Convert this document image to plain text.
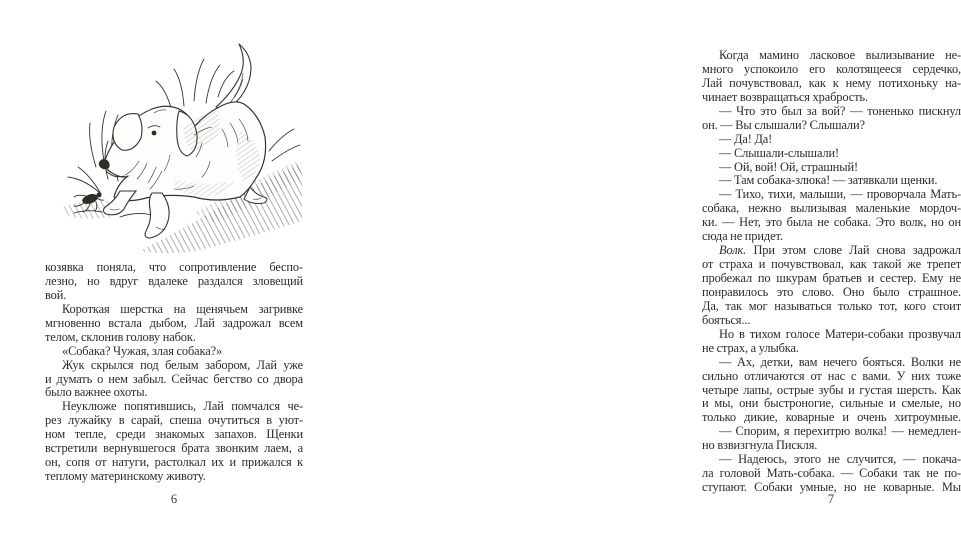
козявка поняла, что сопротивление беспо-
лезно, но вдруг вдалеке раздался зловещий
вой.
Короткая шерстка на щенячьем загривке
мгновенно встала дыбом, Лай задрожал всем
телом, склонив голову набок.
«Собака? Чужая, злая собака?»
Жук скрылся под белым забором, Лай уже
и думать о нем забыл. Сейчас бегство со двора
было важнее охоты.
Неуклюже попятившись, Лай помчался че-
рез лужайку в сарай, спеша очутиться в уют-
ном тепле, среди знакомых запахов. Щенки
встретили вернувшегося брата звонким лаем, а
он, сопя от натуги, растолкал их и прижался к
теплому материнскому животу.
6
Когда мамино ласковое вылизывание не-
много успокоило его колотящееся сердечко,
Лай почувствовал, как к нему потихоньку на-
чинает возвращаться храбрость.
— Что это был за вой? — тоненько пискнул
он. — Вы слышали? Слышали?
— Да! Да!
— Слышали-слышали!
— Ой, вой! Ой, страшный!
— Там собака-злюка! — затявкали щенки.
— Тихо, тихи, малыши, — проворчала Мать-
собака, нежно вылизывая маленькие мордоч-
ки. — Нет, это была не собака. Это волк, но он
сюда не придет.
Волк. При этом слове Лай снова задрожал
от страха и почувствовал, как такой же трепет
пробежал по шкурам братьев и сестер. Ему не
понравилось это слово. Оно было страшное.
Да, так мог называться только тот, кого стоит
бояться...
Но в тихом голосе Матери-собаки прозвучал
не страх, а улыбка.
— Ах, детки, вам нечего бояться. Волки не
сильно отличаются от нас с вами. У них тоже
четыре лапы, острые зубы и густая шерсть. Как
и мы, они быстроногие, сильные и смелые, но
только дикие, коварные и очень хитроумные.
— Спорим, я перехитрю волка! — немедлен-
но взвизгнула Пискля.
— Надеюсь, этого не случится, — покача-
ла головой Мать-собака. — Собаки так не по-
ступают. Собаки умные, но не коварные. Мы
7
